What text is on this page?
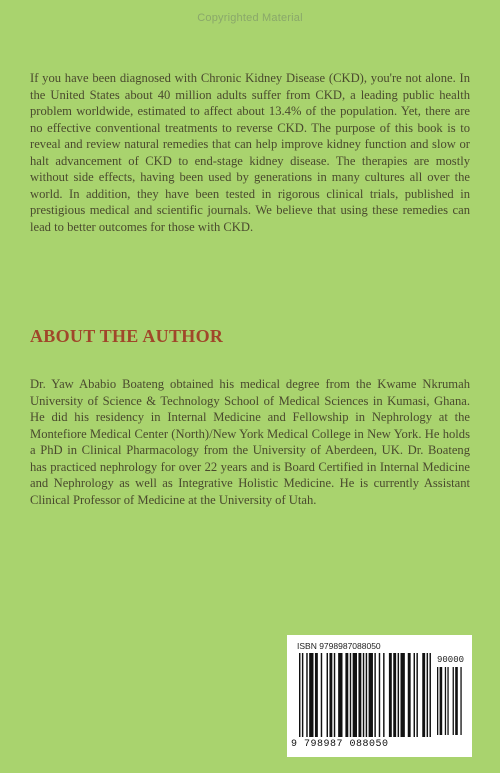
Copyrighted Material

If you have been diagnosed with Chronic Kidney Disease (CKD), you're not alone. In the United States about 40 million adults suffer from CKD, a leading public health problem worldwide, estimated to affect about 13.4% of the population. Yet, there are no effective conventional treatments to reverse CKD. The purpose of this book is to reveal and review natural remedies that can help improve kidney function and slow or halt advancement of CKD to end-stage kidney disease. The therapies are mostly without side effects, having been used by generations in many cultures all over the world. In addition, they have been tested in rigorous clinical trials, published in prestigious medical and scientific journals. We believe that using these remedies can lead to better outcomes for those with CKD.

ABOUT THE AUTHOR

Dr. Yaw Ababio Boateng obtained his medical degree from the Kwame Nkrumah University of Science & Technology School of Medical Sciences in Kumasi, Ghana. He did his residency in Internal Medicine and Fellowship in Nephrology at the Montefiore Medical Center (North)/New York Medical College in New York. He holds a PhD in Clinical Pharmacology from the University of Aberdeen, UK. Dr. Boateng has practiced nephrology for over 22 years and is Board Certified in Internal Medicine and Nephrology as well as Integrative Holistic Medicine. He is currently Assistant Clinical Professor of Medicine at the University of Utah.

ISBN 9798987088050
90000
9 798987 088050
